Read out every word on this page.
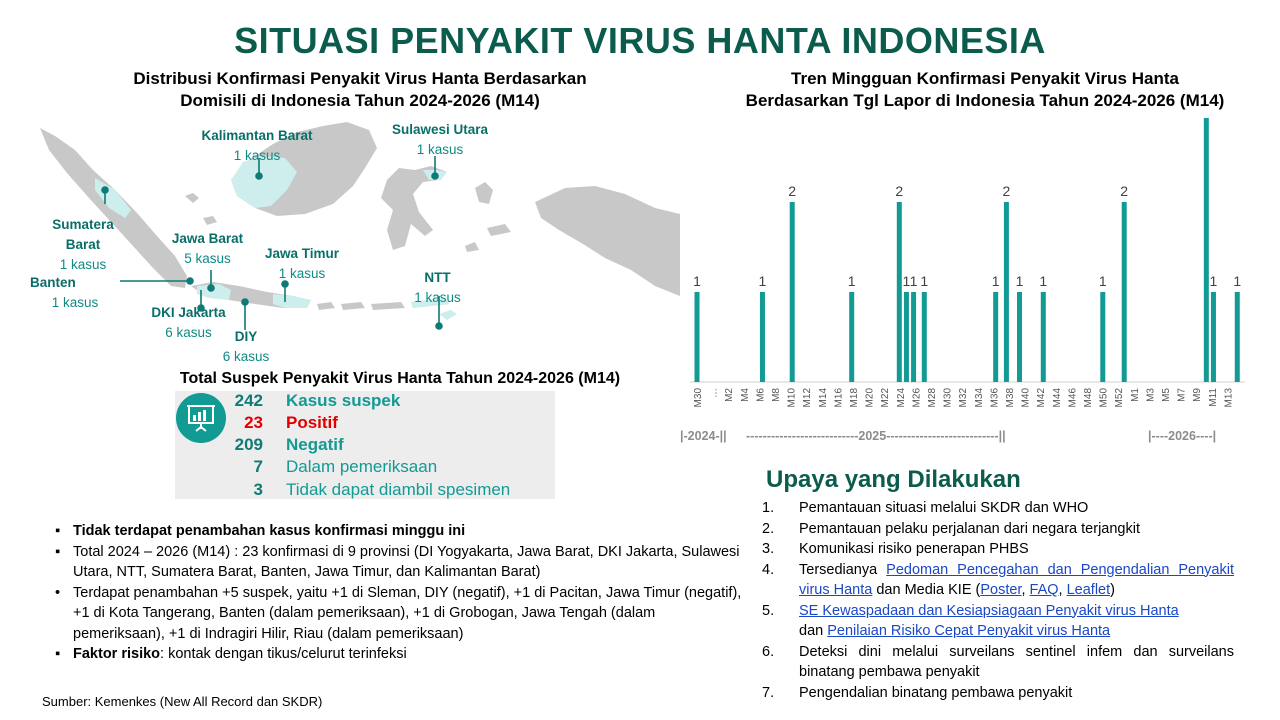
SITUASI PENYAKIT VIRUS HANTA INDONESIA
Distribusi Konfirmasi Penyakit Virus Hanta Berdasarkan
Domisili di Indonesia Tahun 2024-2026 (M14)
Kalimantan Barat
1 kasus
Sulawesi Utara
1 kasus
Sumatera
Barat
1 kasus
Jawa Barat
5 kasus	Jawa Timur
1 kasus
Banten
1 kasus
NTT
1 kasus
DKI Jakarta
6 kasus	DIY
6 kasus
Total Suspek Penyakit Virus Hanta Tahun 2024-2026 (M14)
242 Kasus suspek
23 Positif
209 Negatif
7 Dalam pemeriksaan
3 Tidak dapat diambil spesimen
▪ Tidak terdapat penambahan kasus konfirmasi minggu ini
▪ Total 2024 – 2026 (M14) : 23 konfirmasi di 9 provinsi (DI Yogyakarta, Jawa Barat, DKI Jakarta, Sulawesi Utara, NTT, Sumatera Barat, Banten, Jawa Timur, dan Kalimantan Barat)
• Terdapat penambahan +5 suspek, yaitu +1 di Sleman, DIY (negatif), +1 di Pacitan, Jawa Timur (negatif), +1 di Kota Tangerang, Banten (dalam pemeriksaan), +1 di Grobogan, Jawa Tengah (dalam pemeriksaan), +1 di Indragiri Hilir, Riau (dalam pemeriksaan)
▪ Faktor risiko: kontak dengan tikus/celurut terinfeksi
Sumber: Kemenkes (New All Record dan SKDR)
Tren Mingguan Konfirmasi Penyakit Virus Hanta
Berdasarkan Tgl Lapor di Indonesia Tahun 2024-2026 (M14)
1	1
2
1
2
1 1 1	1
2
1 1	1
2
1 1
M30 … M2 M4 M6 M8 M10 M12 M14 M16 M18 M20 M22 M24 M26 M28 M30 M32 M34 M36 M38 M40 M42 M44 M46 M48 M50 M52 M1 M3 M5 M7 M9 M11 M13
|-2024-|| ---------------------------2025---------------------------||	|----2026----|
Upaya yang Dilakukan
1. Pemantauan situasi melalui SKDR dan WHO
2. Pemantauan pelaku perjalanan dari negara terjangkit
3. Komunikasi risiko penerapan PHBS
4. Tersedianya Pedoman Pencegahan dan Pengendalian Penyakit virus Hanta dan Media KIE (Poster, FAQ, Leaflet)
5. SE Kewaspadaan dan Kesiapsiagaan Penyakit virus Hanta
dan Penilaian Risiko Cepat Penyakit virus Hanta
6. Deteksi dini melalui surveilans sentinel infem dan surveilans binatang pembawa penyakit
7. Pengendalian binatang pembawa penyakit
